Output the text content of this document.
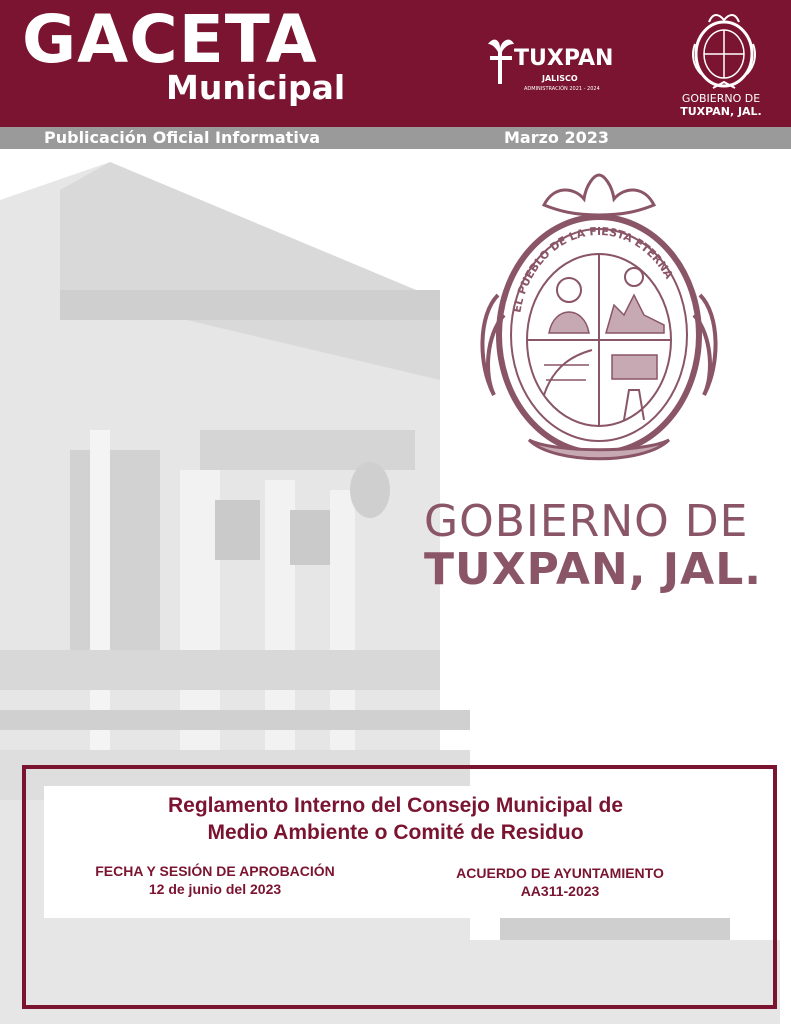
GACETA
Municipal
TUXPAN
JALISCO
ADMINISTRACIÓN 2021 - 2024
GOBIERNO DE
TUXPAN, JAL.
Publicación Oficial Informativa	Marzo 2023
EL PUEBLO DE LA FIESTA ETERNA
GOBIERNO DE
TUXPAN, JAL.
Reglamento Interno del Consejo Municipal de
Medio Ambiente o Comité de Residuo
FECHA Y SESIÓN DE APROBACIÓN
12 de junio del 2023
ACUERDO DE AYUNTAMIENTO
AA311-2023
